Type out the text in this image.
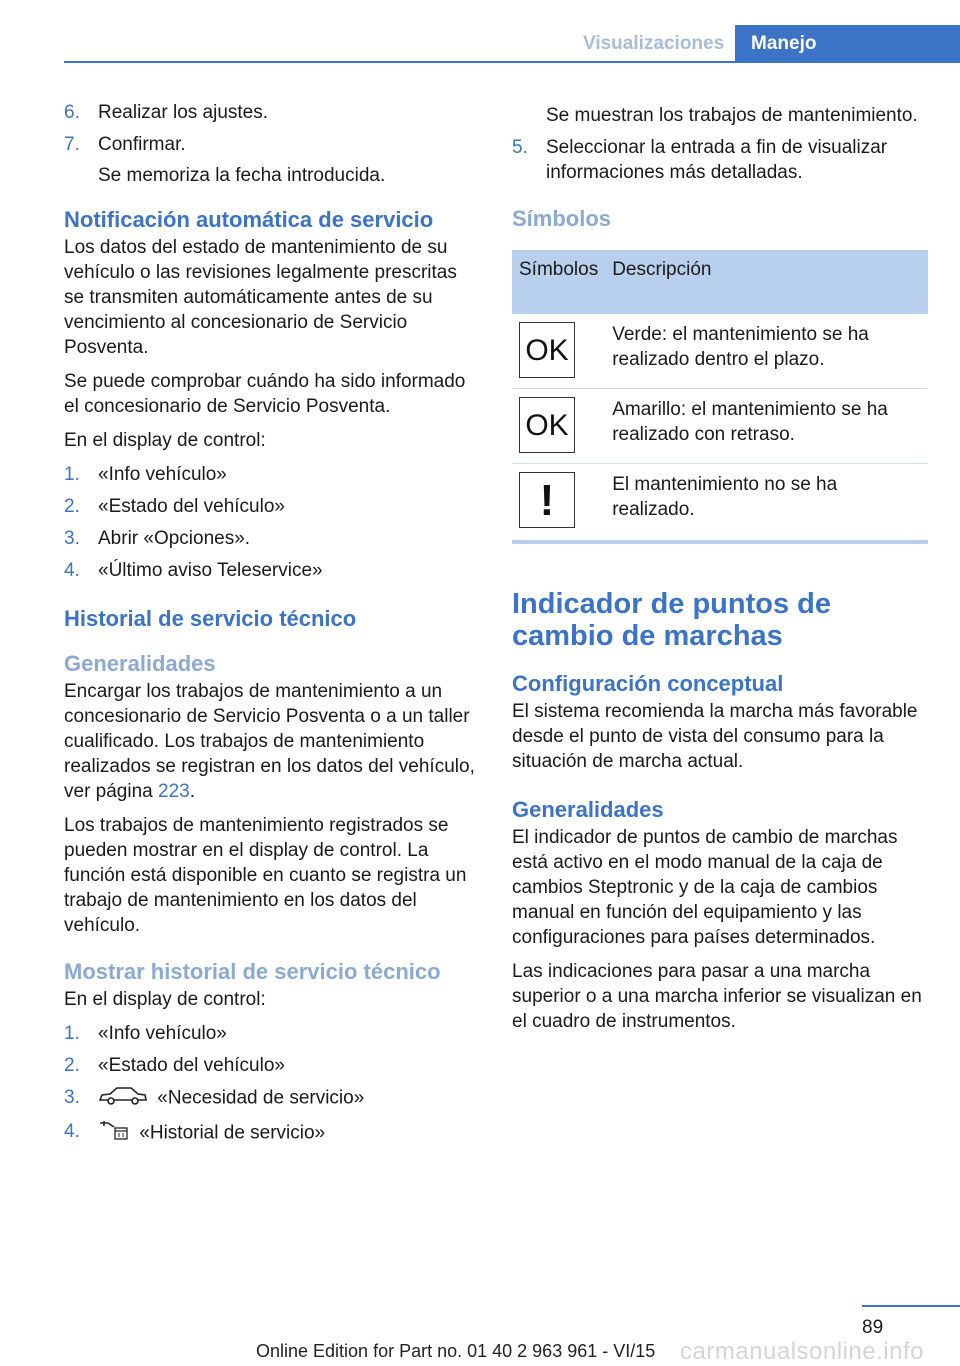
Visualizaciones	Manejo
6. Realizar los ajustes.
7. Confirmar.
Se memoriza la fecha introducida.
Notificación automática de servicio

Los datos del estado de mantenimiento de su vehículo o las revisiones legalmente prescritas se transmiten automáticamente antes de su vencimiento al concesionario de Servicio Posventa.

Se puede comprobar cuándo ha sido informado el concesionario de Servicio Posventa.

En el display de control:

1. «Info vehículo»
2. «Estado del vehículo»
3. Abrir «Opciones».
4. «Último aviso Teleservice»
Historial de servicio técnico
Generalidades

Encargar los trabajos de mantenimiento a un concesionario de Servicio Posventa o a un taller cualificado. Los trabajos de mantenimiento realizados se registran en los datos del vehículo, ver página 223.

Los trabajos de mantenimiento registrados se pueden mostrar en el display de control. La función está disponible en cuanto se registra un trabajo de mantenimiento en los datos del vehículo.

Mostrar historial de servicio técnico

En el display de control:

1. «Info vehículo»
2. «Estado del vehículo»
3.	«Necesidad de servicio»
4.	«Historial de servicio»

Se muestran los trabajos de mantenimiento.

5. Seleccionar la entrada a fin de visualizar informaciones más detalladas.
Símbolos
Símbolos	Descripción

OK	Verde: el mantenimiento se ha realizado dentro el plazo.

OK	Amarillo: el mantenimiento se ha realizado con retraso.

!	El mantenimiento no se ha realizado.
Indicador de puntos de cambio de marchas
Configuración conceptual

El sistema recomienda la marcha más favorable desde el punto de vista del consumo para la situación de marcha actual.

Generalidades

El indicador de puntos de cambio de marchas está activo en el modo manual de la caja de cambios Steptronic y de la caja de cambios manual en función del equipamiento y las configuraciones para países determinados.

Las indicaciones para pasar a una marcha superior o a una marcha inferior se visualizan en el cuadro de instrumentos.

89
Online Edition for Part no. 01 40 2 963 961 - VI/15 carmanualsonline.info
